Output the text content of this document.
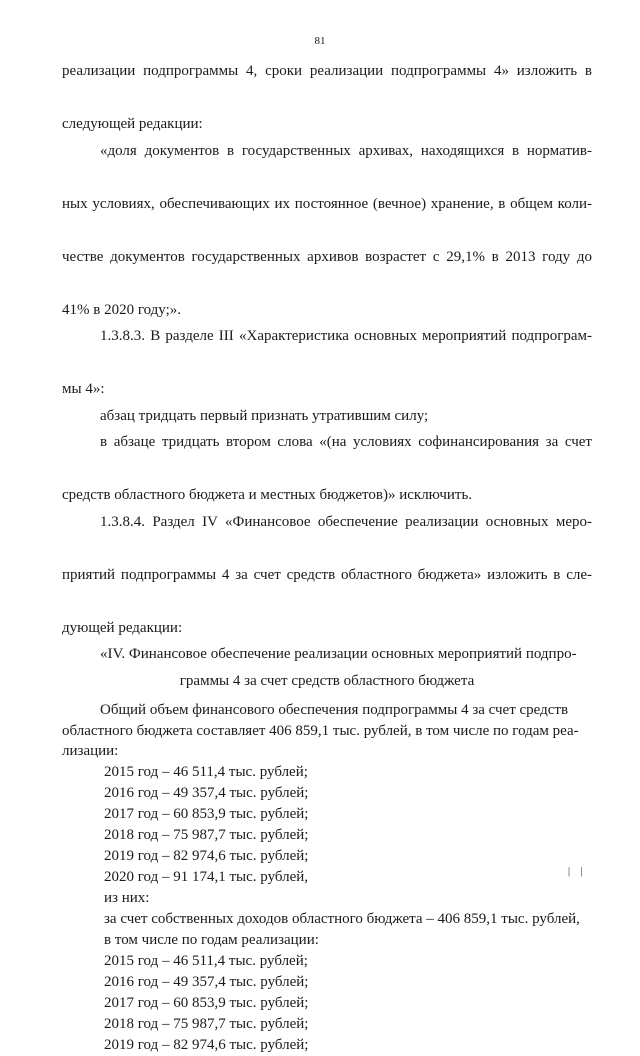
81

реализации подпрограммы 4, сроки реализации подпрограммы 4» изложить в

следующей редакции:

«доля документов в государственных архивах, находящихся в норматив-

ных условиях, обеспечивающих их постоянное (вечное) хранение, в общем коли-

честве документов государственных архивов возрастет с 29,1% в 2013 году до

41% в 2020 году;».

1.3.8.3. В разделе III «Характеристика основных мероприятий подпрограм-

мы 4»:

абзац тридцать первый признать утратившим силу;

в абзаце тридцать втором слова «(на условиях софинансирования за счет

средств областного бюджета и местных бюджетов)» исключить.

1.3.8.4. Раздел IV «Финансовое обеспечение реализации основных меро-

приятий подпрограммы 4 за счет средств областного бюджета» изложить в сле-

дующей редакции:

«IV. Финансовое обеспечение реализации основных мероприятий подпро-

граммы 4 за счет средств областного бюджета

Общий объем финансового обеспечения подпрограммы 4 за счет средств

областного бюджета составляет 406 859,1 тыс. рублей, в том числе по годам реа-

лизации:

2015 год – 46 511,4 тыс. рублей;
2016 год – 49 357,4 тыс. рублей;
2017 год – 60 853,9 тыс. рублей;
2018 год – 75 987,7 тыс. рублей;
2019 год – 82 974,6 тыс. рублей;
2020 год – 91 174,1 тыс. рублей,
из них:
за счет собственных доходов областного бюджета – 406 859,1 тыс. рублей,
в том числе по годам реализации:
2015 год – 46 511,4 тыс. рублей;
2016 год – 49 357,4 тыс. рублей;
2017 год – 60 853,9 тыс. рублей;
2018 год – 75 987,7 тыс. рублей;
2019 год – 82 974,6 тыс. рублей;
| |
